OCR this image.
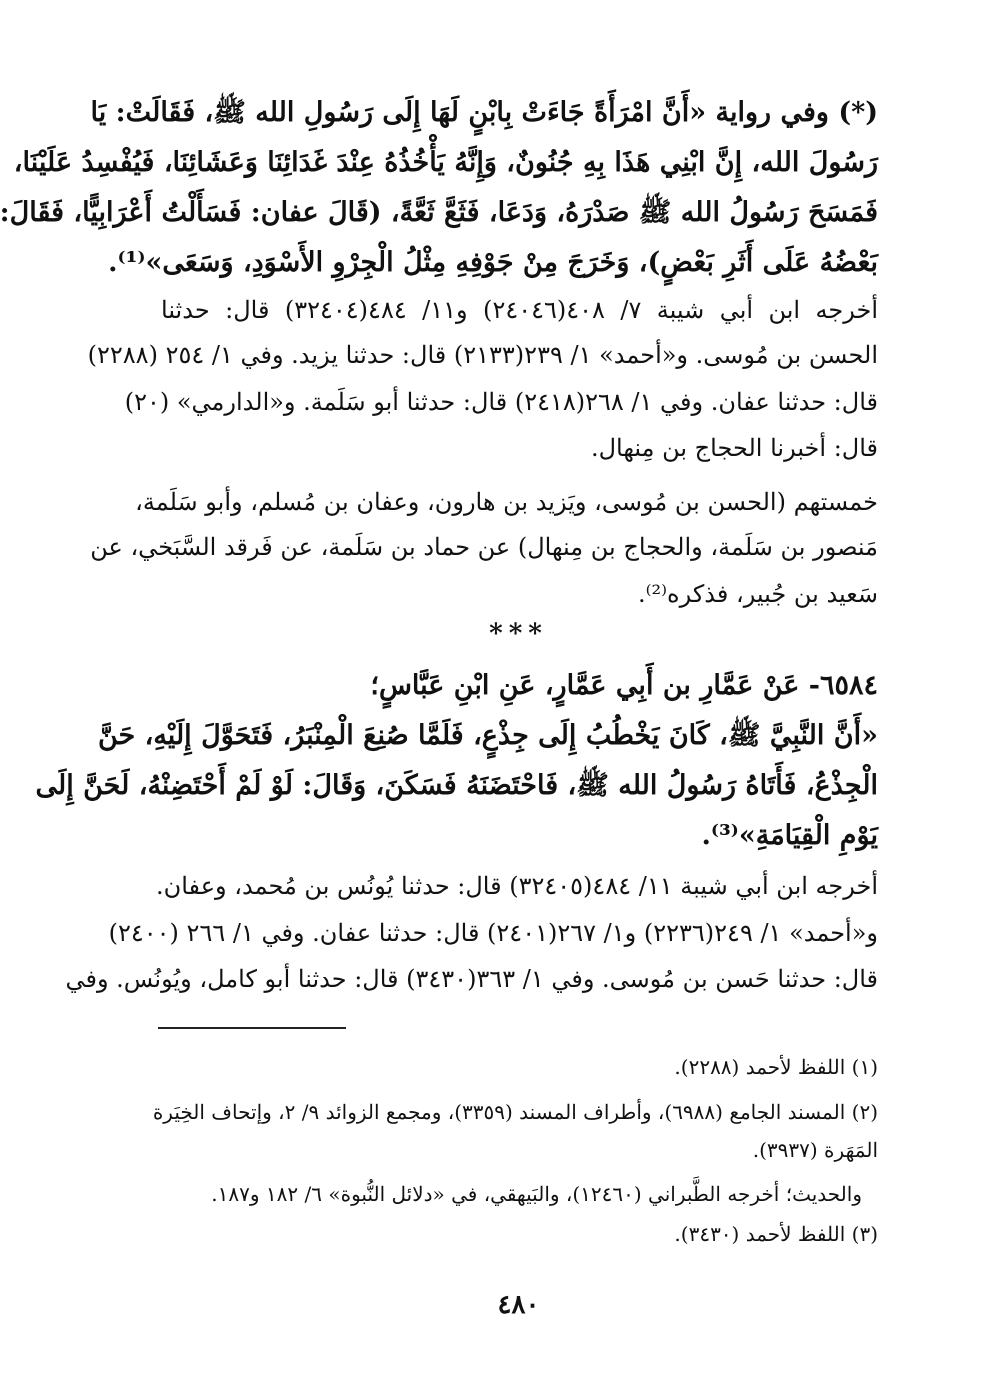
(*) وفي رواية «أَنَّ امْرَأَةً جَاءَتْ بِابْنٍ لَهَا إِلَى رَسُولِ الله ﷺ، فَقَالَتْ: يَا
رَسُولَ الله، إِنَّ ابْنِي هَذَا بِهِ جُنُونٌ، وَإِنَّهُ يَأْخُذُهُ عِنْدَ غَدَائِنَا وَعَشَائِنَا، فَيُفْسِدُ عَلَيْنَا،
فَمَسَحَ رَسُولُ الله ﷺ صَدْرَهُ، وَدَعَا، فَثَعَّ ثَعَّةً، (قَالَ عفان: فَسَأَلْتُ أَعْرَابِيًّا، فَقَالَ:
بَعْضُهُ عَلَى أَثَرِ بَعْضٍ)، وَخَرَجَ مِنْ جَوْفِهِ مِثْلُ الْجِرْوِ الأَسْوَدِ، وَسَعَى»⁽¹⁾.
أخرجه ابن أبي شيبة ٧/ ٤٠٨(٢٤٠٤٦) و١١/ ٤٨٤(٣٢٤٠٤) قال: حدثنا
الحسن بن مُوسى. و«أحمد» ١/ ٢٣٩(٢١٣٣) قال: حدثنا يزيد. وفي ١/ ٢٥٤ (٢٢٨٨)
قال: حدثنا عفان. وفي ١/ ٢٦٨(٢٤١٨) قال: حدثنا أبو سَلَمة. و«الدارمي» (٢٠)
قال: أخبرنا الحجاج بن مِنهال.
خمستهم (الحسن بن مُوسى، ويَزيد بن هارون، وعفان بن مُسلم، وأبو سَلَمة،
مَنصور بن سَلَمة، والحجاج بن مِنهال) عن حماد بن سَلَمة، عن فَرقد السَّبَخي، عن
سَعيد بن جُبير، فذكره⁽²⁾.
***
٦٥٨٤- عَنْ عَمَّارِ بن أَبِي عَمَّارٍ، عَنِ ابْنِ عَبَّاسٍ؛
«أَنَّ النَّبِيَّ ﷺ، كَانَ يَخْطُبُ إِلَى جِذْعٍ، فَلَمَّا صُنِعَ الْمِنْبَرُ، فَتَحَوَّلَ إِلَيْهِ، حَنَّ
الْجِذْعُ، فَأَتَاهُ رَسُولُ الله ﷺ، فَاحْتَضَنَهُ فَسَكَنَ، وَقَالَ: لَوْ لَمْ أَحْتَضِنْهُ، لَحَنَّ إِلَى
يَوْمِ الْقِيَامَةِ»⁽³⁾.
أخرجه ابن أبي شيبة ١١/ ٤٨٤(٣٢٤٠٥) قال: حدثنا يُونُس بن مُحمد، وعفان.
و«أحمد» ١/ ٢٤٩(٢٢٣٦) و١/ ٢٦٧(٢٤٠١) قال: حدثنا عفان. وفي ١/ ٢٦٦ (٢٤٠٠)
قال: حدثنا حَسن بن مُوسى. وفي ١/ ٣٦٣(٣٤٣٠) قال: حدثنا أبو كامل، ويُونُس. وفي
(١) اللفظ لأحمد (٢٢٨٨).
(٢) المسند الجامع (٦٩٨٨)، وأطراف المسند (٣٣٥٩)، ومجمع الزوائد ٩/ ٢، وإتحاف الخِيَرة
المَهَرة (٣٩٣٧).
والحديث؛ أخرجه الطَّبراني (١٢٤٦٠)، والبَيهقي، في «دلائل النُّبوة» ٦/ ١٨٢ و١٨٧.
(٣) اللفظ لأحمد (٣٤٣٠).
٤٨٠
